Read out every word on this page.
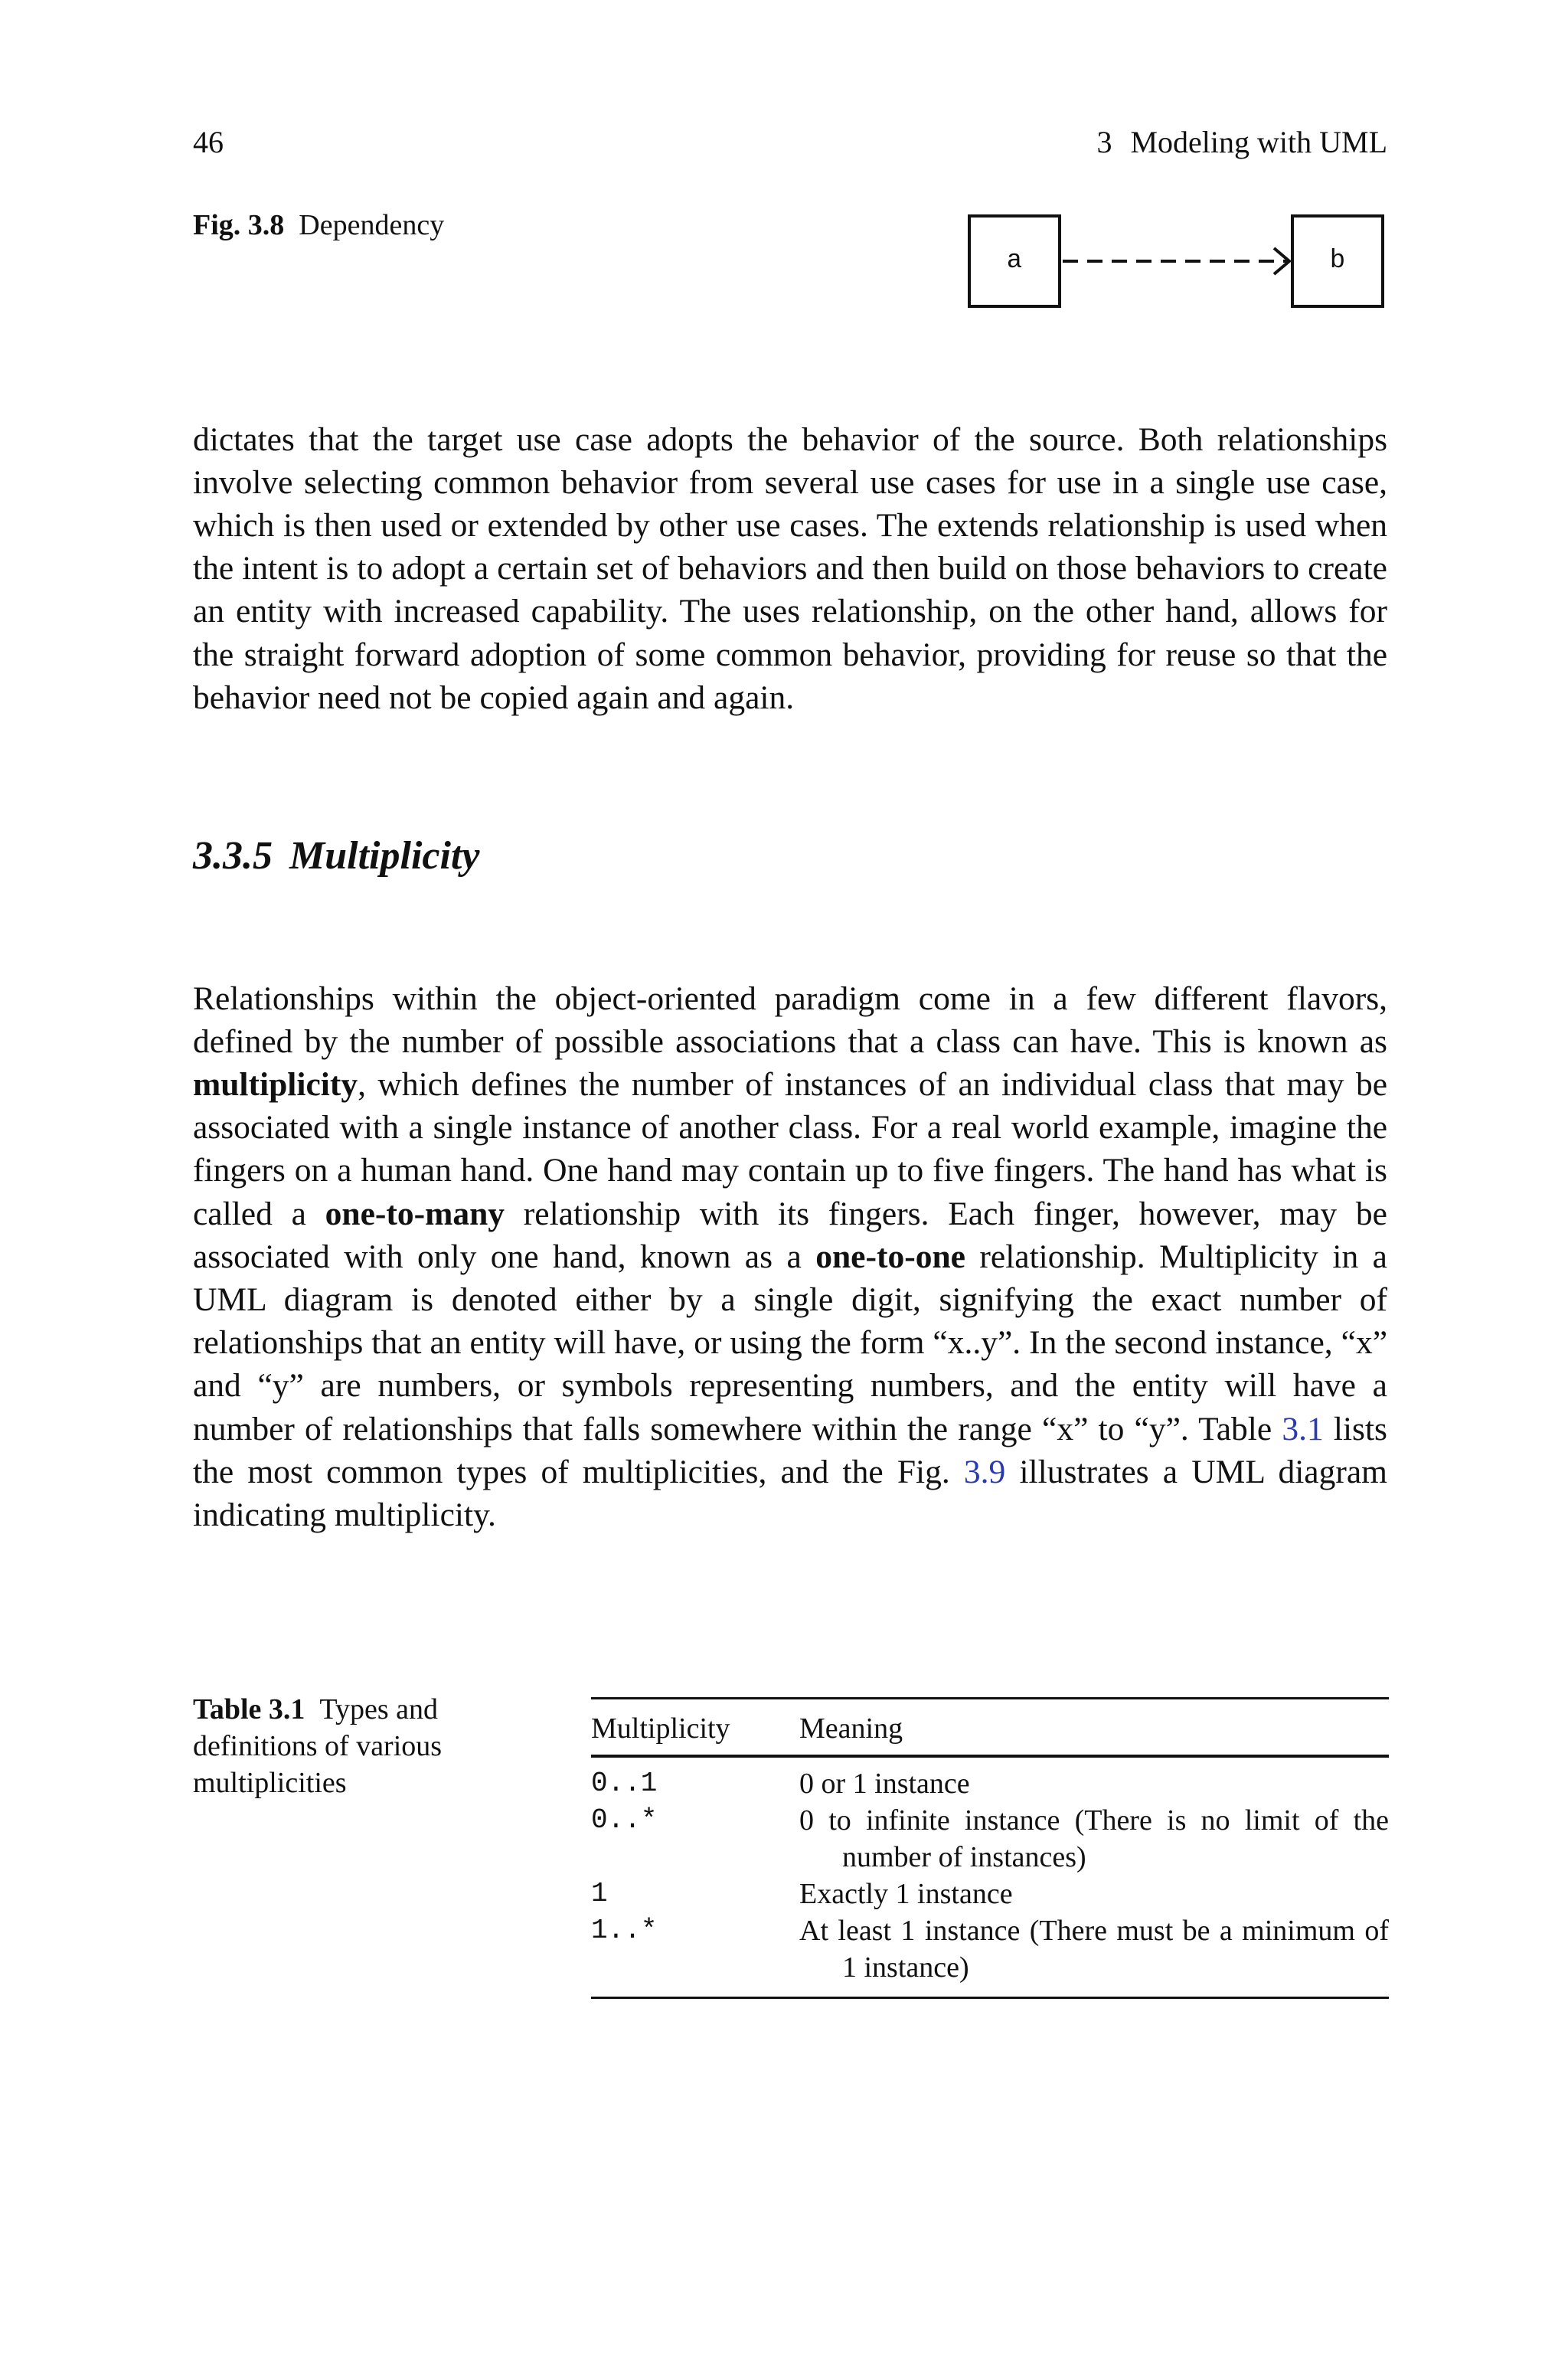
46	3 Modeling with UML
Fig. 3.8 Dependency
a	b

dictates that the target use case adopts the behavior of the source. Both relationships involve selecting common behavior from several use cases for use in a single use case, which is then used or extended by other use cases. The extends relationship is used when the intent is to adopt a certain set of behaviors and then build on those behaviors to create an entity with increased capability. The uses relationship, on the other hand, allows for the straight forward adoption of some common behavior, providing for reuse so that the behavior need not be copied again and again.

3.3.5 Multiplicity

Relationships within the object-oriented paradigm come in a few different flavors, defined by the number of possible associations that a class can have. This is known as multiplicity, which defines the number of instances of an individual class that may be associated with a single instance of another class. For a real world example, imagine the fingers on a human hand. One hand may contain up to five fingers. The hand has what is called a one-to-many relationship with its fingers. Each finger, however, may be associated with only one hand, known as a one-to-one relationship. Multiplicity in a UML diagram is denoted either by a single digit, signifying the exact number of relationships that an entity will have, or using the form “x..y”. In the second instance, “x” and “y” are numbers, or symbols representing numbers, and the entity will have a number of relationships that falls somewhere within the range “x” to “y”. Table 3.1 lists the most common types of multiplicities, and the Fig. 3.9 illustrates a UML diagram indicating multiplicity.

Table 3.1 Types and definitions of various multiplicities
Multiplicity	Meaning
0..1	0 or 1 instance
0..*	0 to infinite instance (There is no limit of the number of instances)
1	Exactly 1 instance
1..*	At least 1 instance (There must be a minimum of 1 instance)
